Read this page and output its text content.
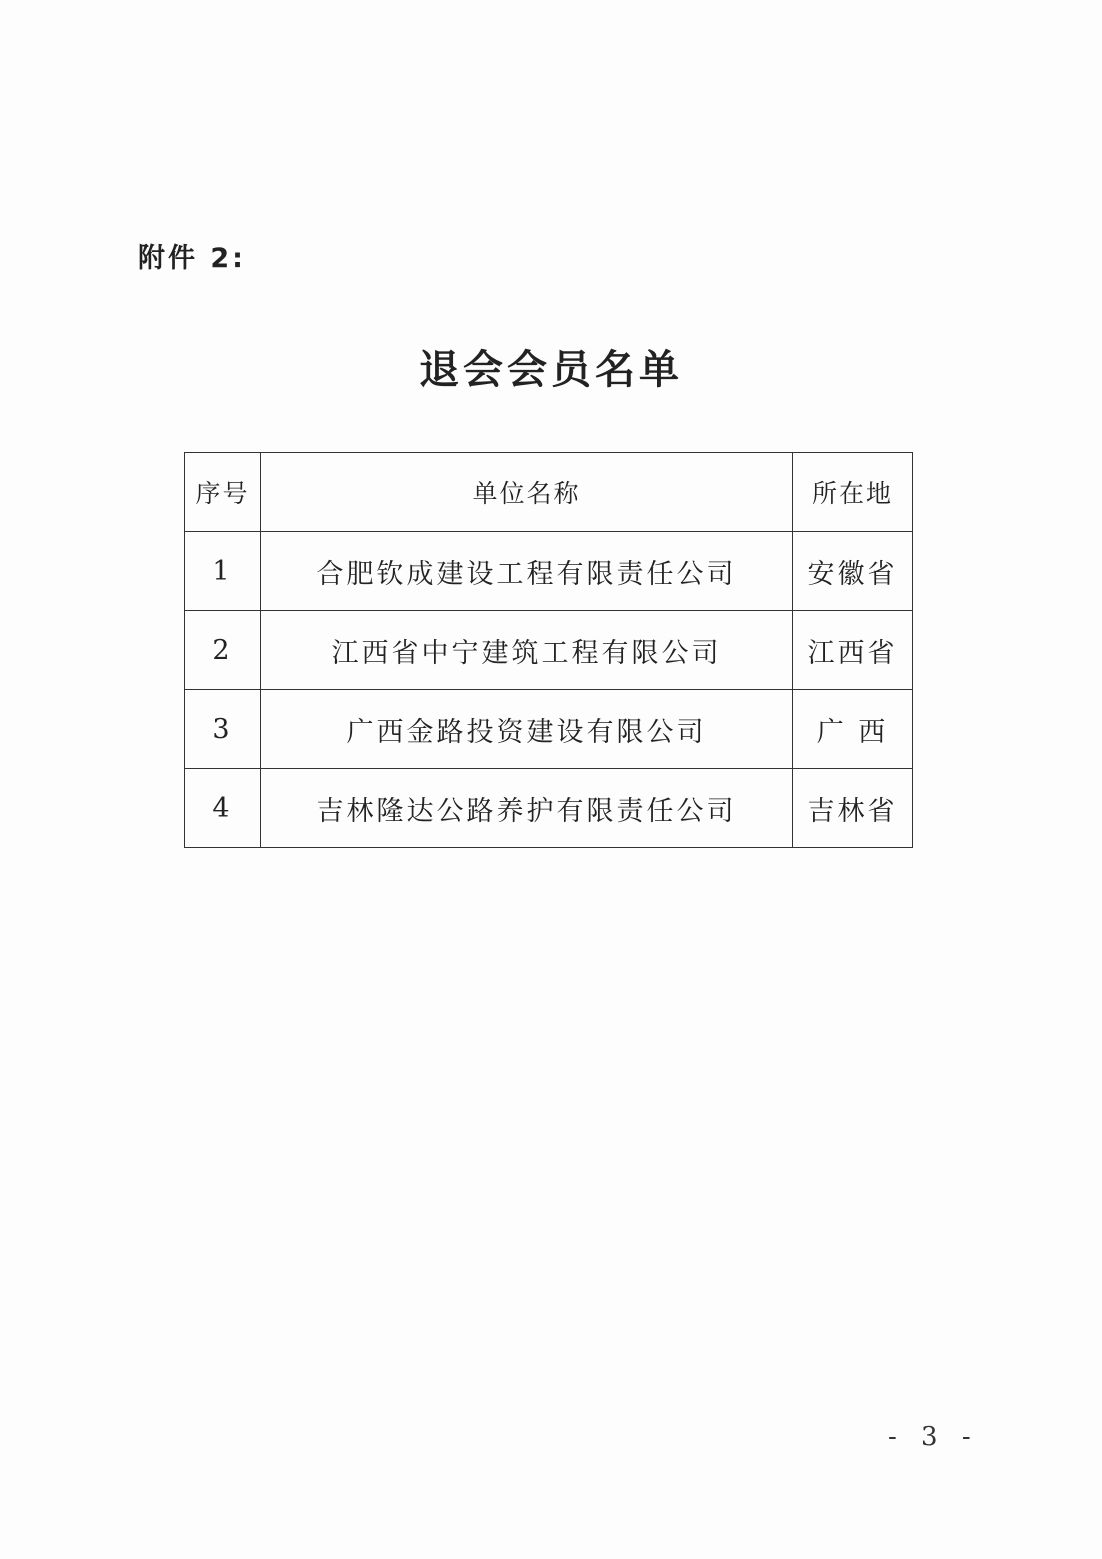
附件 2:
退会会员名单
序号	单位名称	所在地
1	合肥钦成建设工程有限责任公司	安徽省
2	江西省中宁建筑工程有限公司	江西省
3	广西金路投资建设有限公司	广 西
4	吉林隆达公路养护有限责任公司	吉林省
- 3 -
